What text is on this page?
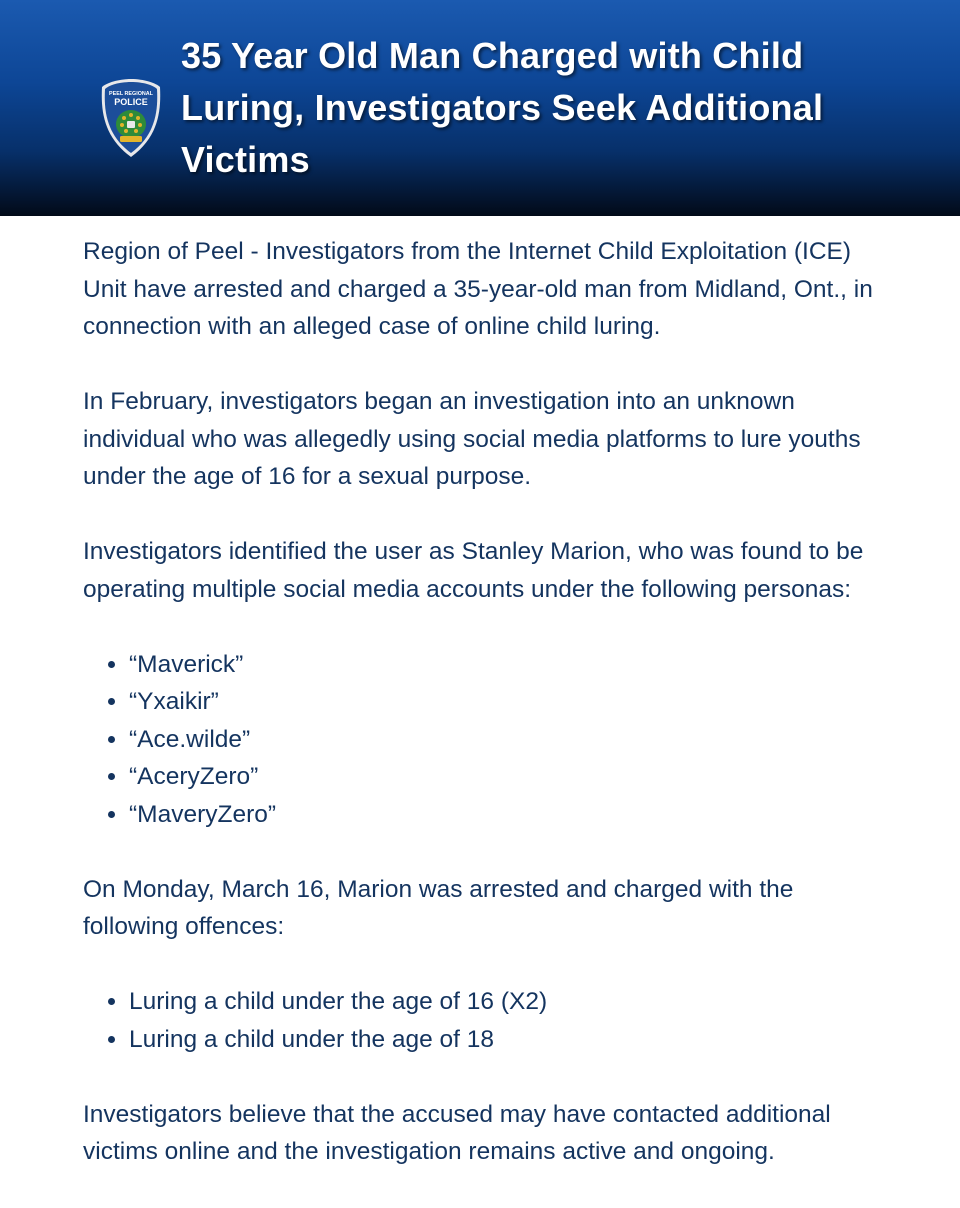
PEEL REGIONAL
POLICE
35 Year Old Man Charged with Child Luring, Investigators Seek Additional Victims

Region of Peel - Investigators from the Internet Child Exploitation (ICE) Unit have arrested and charged a 35-year-old man from Midland, Ont., in connection with an alleged case of online child luring.

In February, investigators began an investigation into an unknown individual who was allegedly using social media platforms to lure youths under the age of 16 for a sexual purpose.

Investigators identified the user as Stanley Marion, who was found to be operating multiple social media accounts under the following personas:

• “Maverick”
• “Yxaikir”
• “Ace.wilde”
• “AceryZero”
• “MaveryZero”

On Monday, March 16, Marion was arrested and charged with the following offences:

• Luring a child under the age of 16 (X2)
• Luring a child under the age of 18

Investigators believe that the accused may have contacted additional victims online and the investigation remains active and ongoing.
